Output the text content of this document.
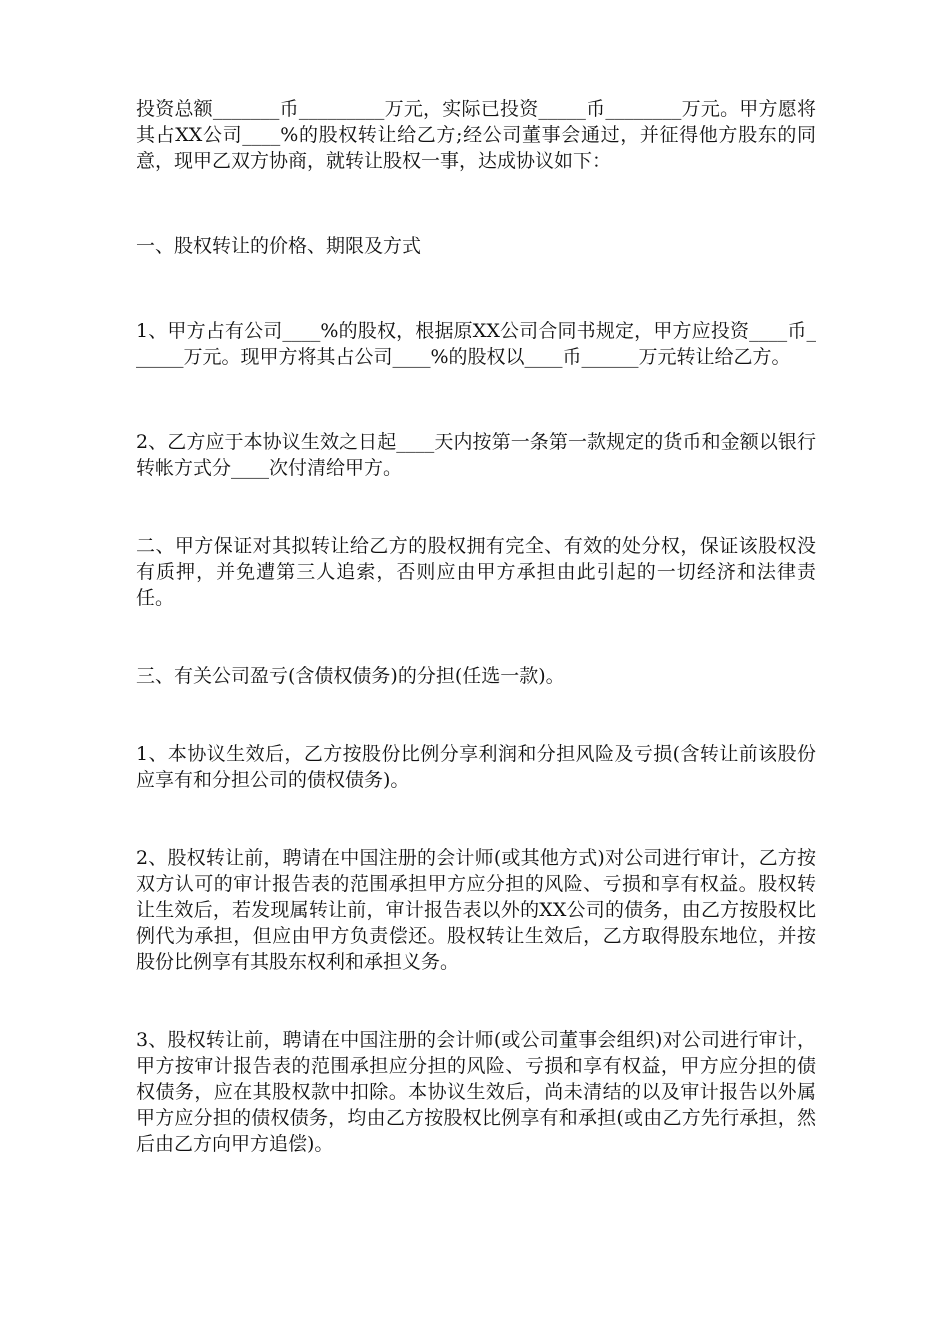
投资总额_______币_________万元，实际已投资_____币________万元。甲方愿将其占XX公司____%的股权转让给乙方;经公司董事会通过，并征得他方股东的同意，现甲乙双方协商，就转让股权一事，达成协议如下：

一、股权转让的价格、期限及方式

1、甲方占有公司____%的股权，根据原XX公司合同书规定，甲方应投资____币______万元。现甲方将其占公司____%的股权以____币______万元转让给乙方。

2、乙方应于本协议生效之日起____天内按第一条第一款规定的货币和金额以银行转帐方式分____次付清给甲方。

二、甲方保证对其拟转让给乙方的股权拥有完全、有效的处分权，保证该股权没有质押，并免遭第三人追索，否则应由甲方承担由此引起的一切经济和法律责任。

三、有关公司盈亏(含债权债务)的分担(任选一款)。

1、本协议生效后，乙方按股份比例分享利润和分担风险及亏损(含转让前该股份应享有和分担公司的债权债务)。

2、股权转让前，聘请在中国注册的会计师(或其他方式)对公司进行审计，乙方按双方认可的审计报告表的范围承担甲方应分担的风险、亏损和享有权益。股权转让生效后，若发现属转让前，审计报告表以外的XX公司的债务，由乙方按股权比例代为承担，但应由甲方负责偿还。股权转让生效后，乙方取得股东地位，并按股份比例享有其股东权利和承担义务。

3、股权转让前，聘请在中国注册的会计师(或公司董事会组织)对公司进行审计，甲方按审计报告表的范围承担应分担的风险、亏损和享有权益，甲方应分担的债权债务，应在其股权款中扣除。本协议生效后，尚未清结的以及审计报告以外属甲方应分担的债权债务，均由乙方按股权比例享有和承担(或由乙方先行承担，然后由乙方向甲方追偿)。
